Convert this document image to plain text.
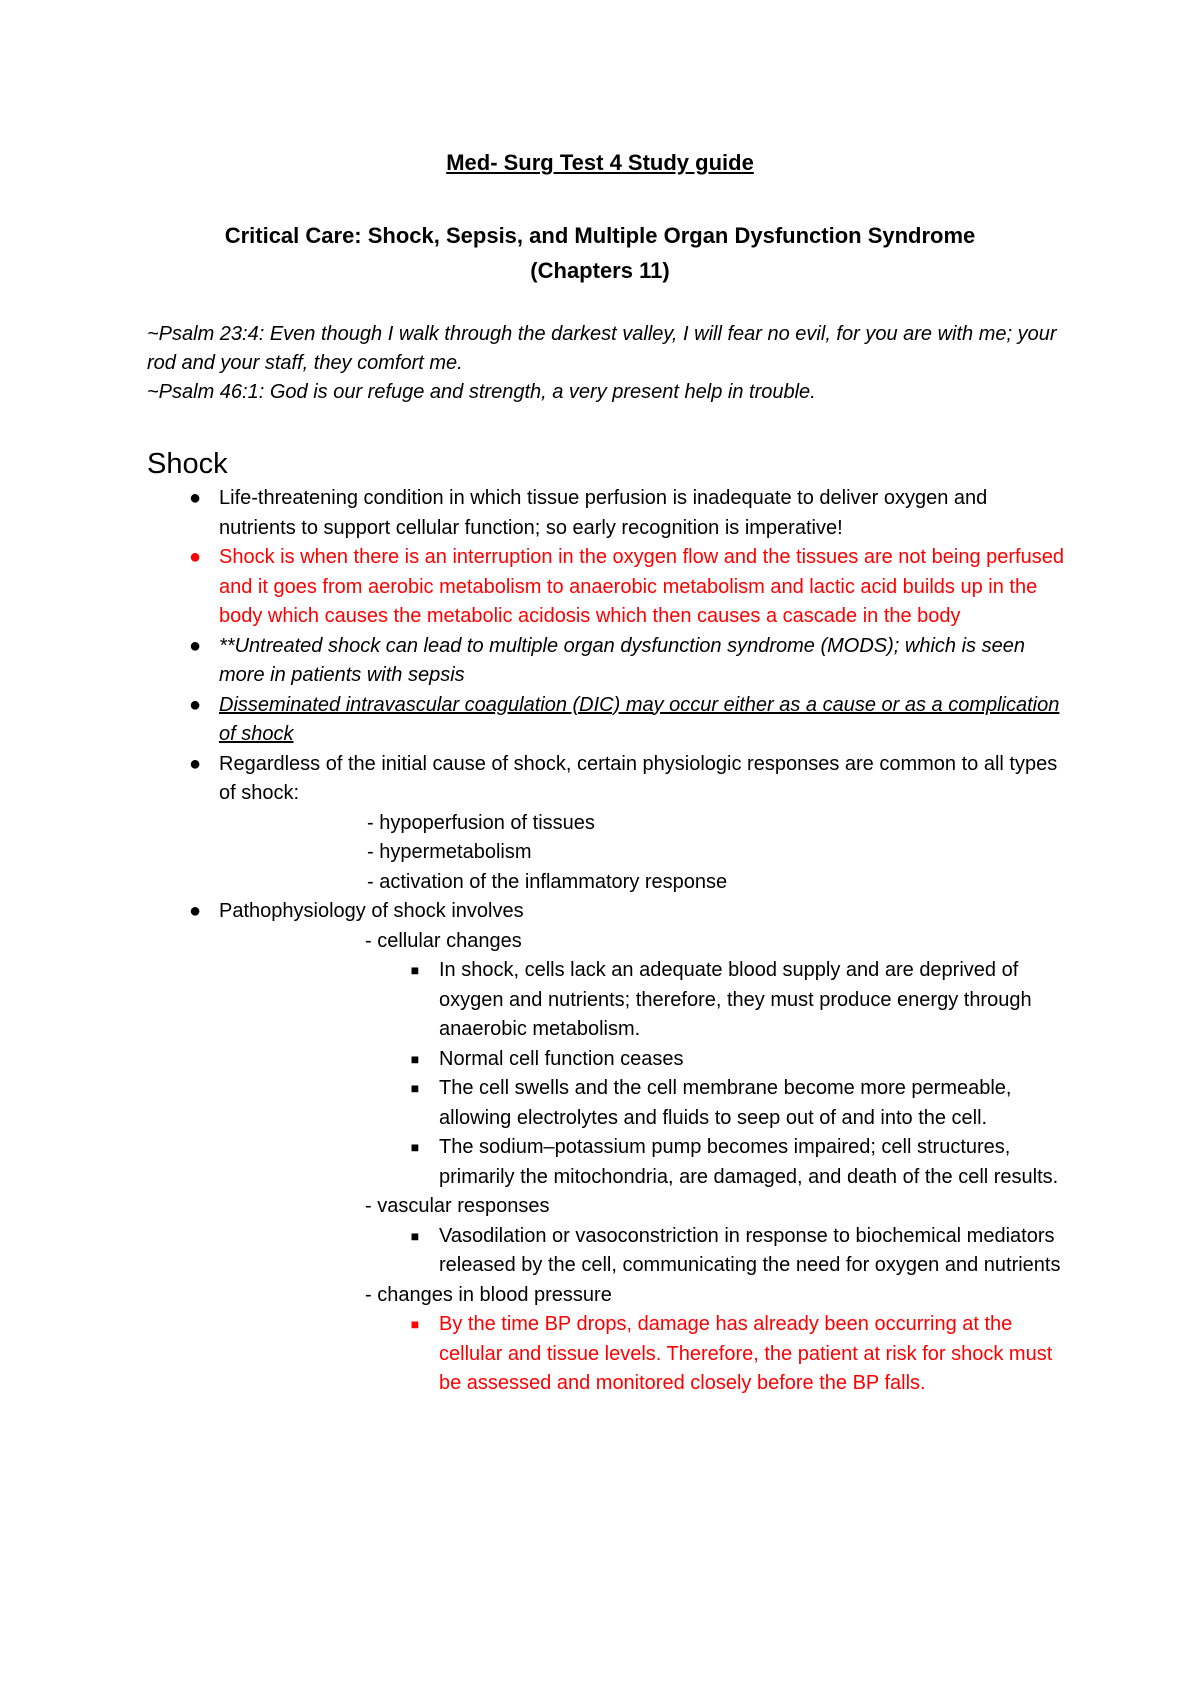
Med- Surg Test 4 Study guide
Critical Care: Shock, Sepsis, and Multiple Organ Dysfunction Syndrome
(Chapters 11)
~Psalm 23:4: Even though I walk through the darkest valley, I will fear no evil, for you are with me; your rod and your staff, they comfort me.
~Psalm 46:1: God is our refuge and strength, a very present help in trouble.
Shock
● Life-threatening condition in which tissue perfusion is inadequate to deliver oxygen and nutrients to support cellular function; so early recognition is imperative!
● Shock is when there is an interruption in the oxygen flow and the tissues are not being perfused and it goes from aerobic metabolism to anaerobic metabolism and lactic acid builds up in the body which causes the metabolic acidosis which then causes a cascade in the body
● **Untreated shock can lead to multiple organ dysfunction syndrome (MODS); which is seen more in patients with sepsis
● Disseminated intravascular coagulation (DIC) may occur either as a cause or as a complication of shock
● Regardless of the initial cause of shock, certain physiologic responses are common to all types of shock:
- hypoperfusion of tissues
- hypermetabolism
- activation of the inflammatory response
● Pathophysiology of shock involves
- cellular changes
■ In shock, cells lack an adequate blood supply and are deprived of oxygen and nutrients; therefore, they must produce energy through anaerobic metabolism.
■ Normal cell function ceases
■ The cell swells and the cell membrane become more permeable, allowing electrolytes and fluids to seep out of and into the cell.
■ The sodium–potassium pump becomes impaired; cell structures, primarily the mitochondria, are damaged, and death of the cell results.
- vascular responses
■ Vasodilation or vasoconstriction in response to biochemical mediators released by the cell, communicating the need for oxygen and nutrients
- changes in blood pressure
■ By the time BP drops, damage has already been occurring at the cellular and tissue levels. Therefore, the patient at risk for shock must be assessed and monitored closely before the BP falls.
